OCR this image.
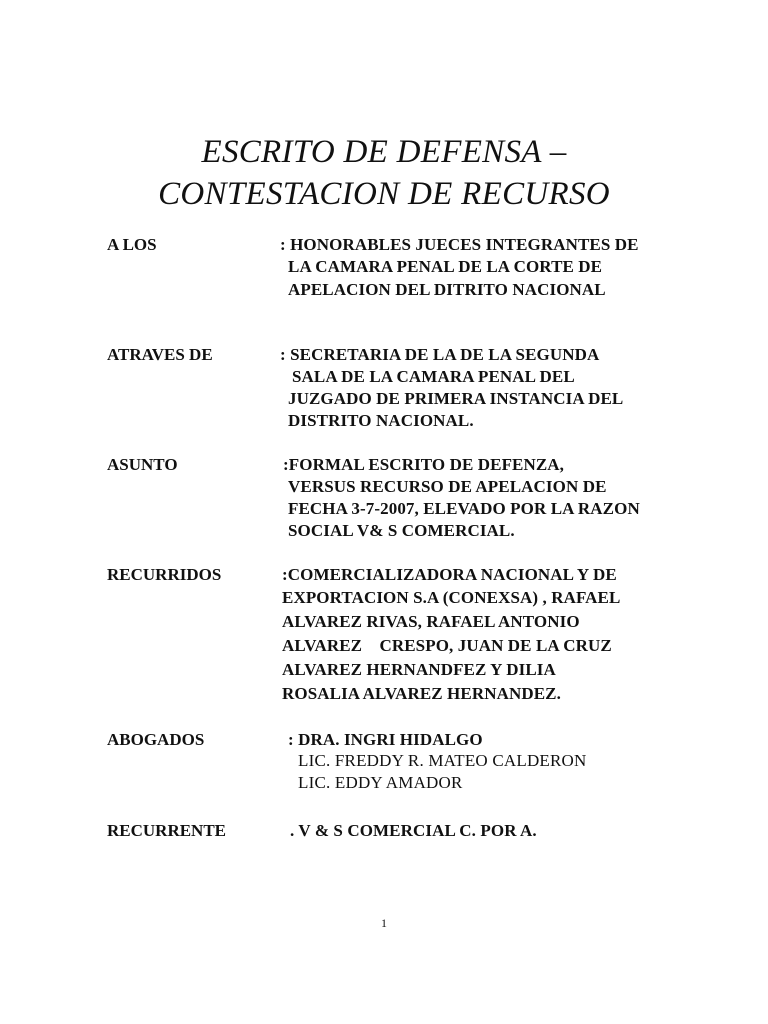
ESCRITO DE DEFENSA –
CONTESTACION DE RECURSO
A LOS	: HONORABLES JUECES INTEGRANTES DE
LA CAMARA PENAL DE LA CORTE DE
APELACION DEL DITRITO NACIONAL
ATRAVES DE	: SECRETARIA DE LA DE LA SEGUNDA
SALA DE LA CAMARA PENAL DEL
JUZGADO DE PRIMERA INSTANCIA DEL
DISTRITO NACIONAL.
ASUNTO	:FORMAL ESCRITO DE DEFENZA,
VERSUS RECURSO DE APELACION DE
FECHA 3-7-2007, ELEVADO POR LA RAZON
SOCIAL V& S COMERCIAL.
RECURRIDOS	:COMERCIALIZADORA NACIONAL Y DE
EXPORTACION S.A (CONEXSA) , RAFAEL
ALVAREZ RIVAS, RAFAEL ANTONIO
ALVAREZ    CRESPO, JUAN DE LA CRUZ
ALVAREZ HERNANDFEZ Y DILIA
ROSALIA ALVAREZ HERNANDEZ.
ABOGADOS	: DRA. INGRI HIDALGO
LIC. FREDDY R. MATEO CALDERON
LIC. EDDY AMADOR
RECURRENTE	. V & S COMERCIAL C. POR A.
1
